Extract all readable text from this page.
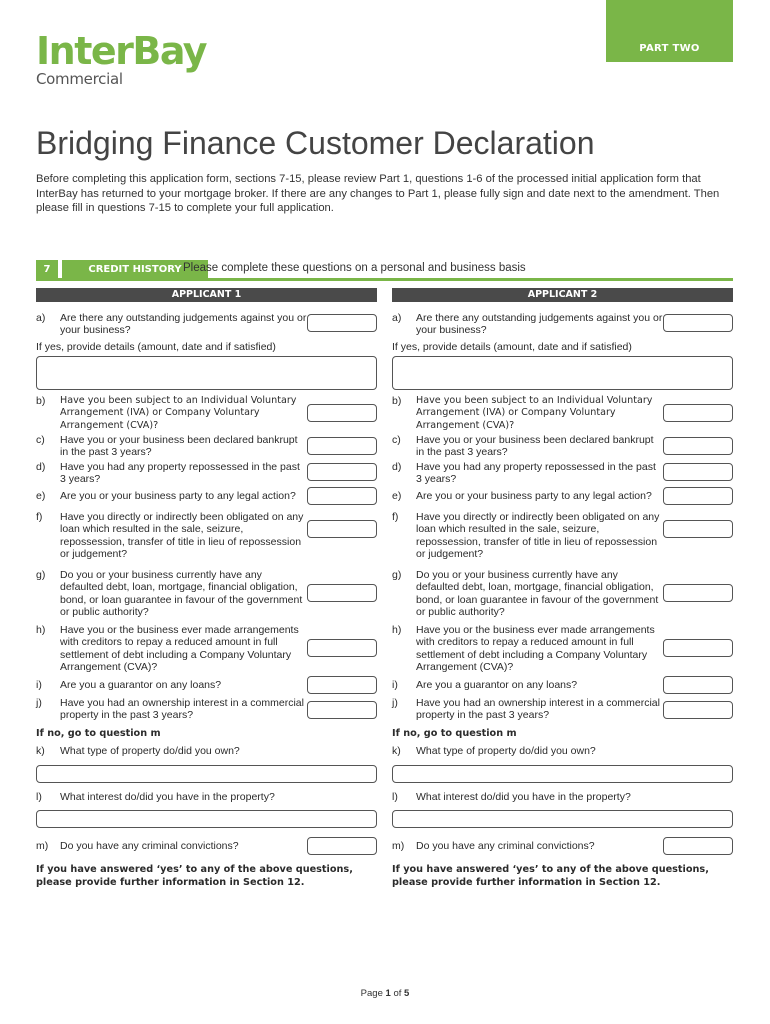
PART TWO
InterBay
Commercial
Bridging Finance Customer Declaration
Before completing this application form, sections 7-15, please review Part 1, questions 1-6 of the processed initial application form that InterBay has returned to your mortgage broker. If there are any changes to Part 1, please fully sign and date next to the amendment. Then please fill in questions 7-15 to complete your full application.
7	CREDIT HISTORY Please complete these questions on a personal and business basis
APPLICANT 1
a)	Are there any outstanding judgements against you or your business?
If yes, provide details (amount, date and if satisfied)
b)	Have you been subject to an Individual Voluntary Arrangement (IVA) or Company Voluntary Arrangement (CVA)?
c)	Have you or your business been declared bankrupt in the past 3 years?
d)	Have you had any property repossessed in the past 3 years?
e)	Are you or your business party to any legal action?
f)	Have you directly or indirectly been obligated on any loan which resulted in the sale, seizure, repossession, transfer of title in lieu of repossession or judgement?
g)	Do you or your business currently have any defaulted debt, loan, mortgage, financial obligation, bond, or loan guarantee in favour of the government or public authority?
h)	Have you or the business ever made arrangements with creditors to repay a reduced amount in full settlement of debt including a Company Voluntary Arrangement (CVA)?
i)	Are you a guarantor on any loans?
j)	Have you had an ownership interest in a commercial property in the past 3 years?
If no, go to question m
k)	What type of property do/did you own?
l)	What interest do/did you have in the property?
m)	Do you have any criminal convictions?
If you have answered ‘yes’ to any of the above questions, please provide further information in Section 12.
APPLICANT 2
a)	Are there any outstanding judgements against you or your business?
If yes, provide details (amount, date and if satisfied)
b)	Have you been subject to an Individual Voluntary Arrangement (IVA) or Company Voluntary Arrangement (CVA)?
c)	Have you or your business been declared bankrupt in the past 3 years?
d)	Have you had any property repossessed in the past 3 years?
e)	Are you or your business party to any legal action?
f)	Have you directly or indirectly been obligated on any loan which resulted in the sale, seizure, repossession, transfer of title in lieu of repossession or judgement?
g)	Do you or your business currently have any defaulted debt, loan, mortgage, financial obligation, bond, or loan guarantee in favour of the government or public authority?
h)	Have you or the business ever made arrangements with creditors to repay a reduced amount in full settlement of debt including a Company Voluntary Arrangement (CVA)?
i)	Are you a guarantor on any loans?
j)	Have you had an ownership interest in a commercial property in the past 3 years?
If no, go to question m
k)	What type of property do/did you own?
l)	What interest do/did you have in the property?
m)	Do you have any criminal convictions?
If you have answered ‘yes’ to any of the above questions, please provide further information in Section 12.
Page 1 of 5
